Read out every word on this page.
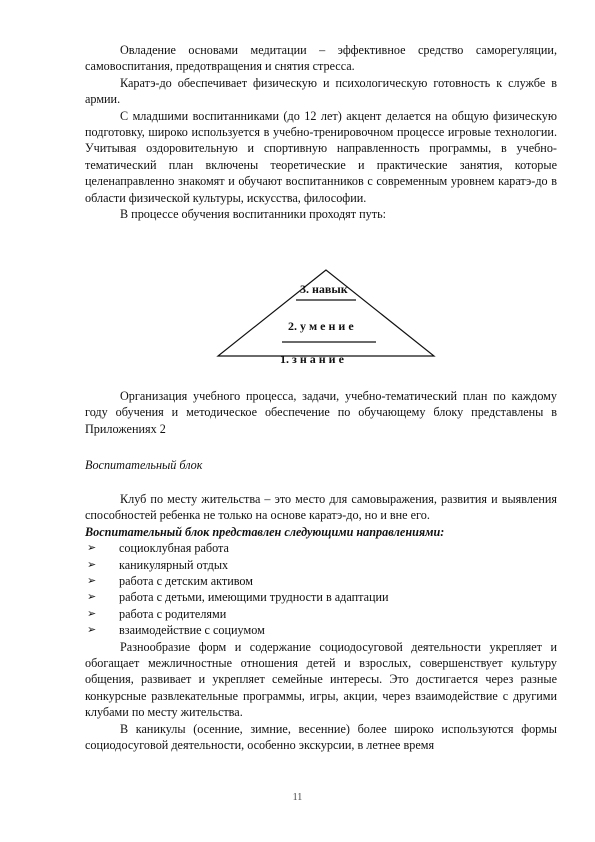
Овладение основами медитации – эффективное средство саморегуляции, самовоспитания, предотвращения и снятия стресса.

Каратэ-до обеспечивает физическую и психологическую готовность к службе в армии.

С младшими воспитанниками (до 12 лет) акцент делается на общую физическую подготовку, широко используется в учебно-тренировочном процессе игровые технологии. Учитывая оздоровительную и спортивную направленность программы, в учебно-тематический план включены теоретические и практические занятия, которые целенаправленно знакомят и обучают воспитанников с современным уровнем каратэ-до в области физической культуры, искусства, философии.

В процессе обучения воспитанники проходят путь:

3. навык
2. у м е н и е
1. з н а н и е

Организация учебного процесса, задачи, учебно-тематический план по каждому году обучения и методическое обеспечение по обучающему блоку представлены в Приложениях 2

Воспитательный блок

Клуб по месту жительства – это место для самовыражения, развития и выявления способностей ребенка не только на основе каратэ-до, но и вне его.

Воспитательный блок представлен следующими направлениями:

➢ социоклубная работа
➢ каникулярный отдых
➢ работа с детским активом
➢ работа с детьми, имеющими трудности в адаптации
➢ работа с родителями
➢ взаимодействие с социумом

Разнообразие форм и содержание социодосуговой деятельности укрепляет и обогащает межличностные отношения детей и взрослых, совершенствует культуру общения, развивает и укрепляет семейные интересы. Это достигается через разные конкурсные развлекательные программы, игры, акции, через взаимодействие с другими клубами по месту жительства.

В каникулы (осенние, зимние, весенние) более широко используются формы социодосуговой деятельности, особенно экскурсии, в летнее время

11
